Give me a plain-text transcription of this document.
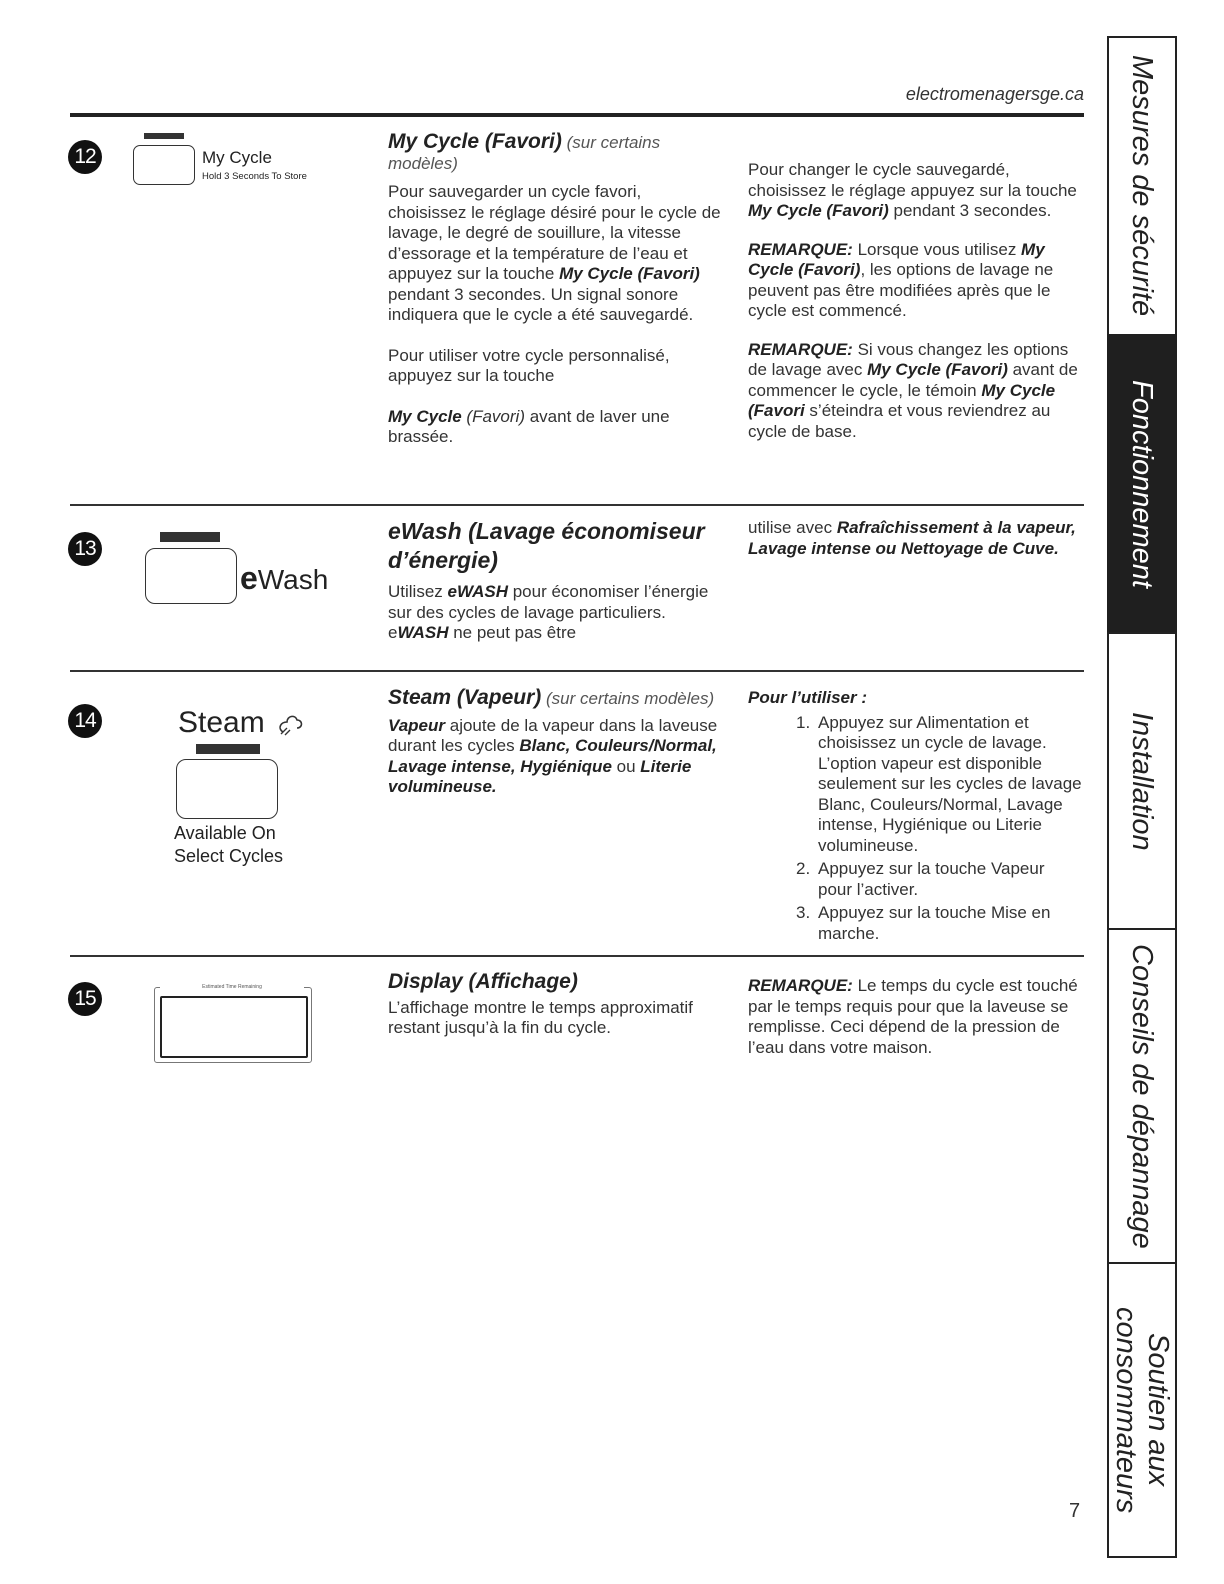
electromenagersge.ca
12	My Cycle
Hold 3 Seconds To Store

My Cycle (Favori) (sur certains modèles)

Pour sauvegarder un cycle favori, choisissez le réglage désiré pour le cycle de lavage, le degré de souillure, la vitesse d’essorage et la température de l’eau et appuyez sur la touche My Cycle (Favori) pendant 3 secondes. Un signal sonore indiquera que le cycle a été sauvegardé.

Pour utiliser votre cycle personnalisé, appuyez sur la touche

My Cycle (Favori) avant de laver une brassée.

Pour changer le cycle sauvegardé, choisissez le réglage appuyez sur la touche My Cycle (Favori) pendant 3 secondes.

REMARQUE: Lorsque vous utilisez My Cycle (Favori), les options de lavage ne peuvent pas être modifiées après que le cycle est commencé.

REMARQUE: Si vous changez les options de lavage avec My Cycle (Favori) avant de commencer le cycle, le témoin My Cycle (Favori s’éteindra et vous reviendrez au cycle de base.

13
eWash

eWash (Lavage économiseur d’énergie)

Utilisez eWASH pour économiser l’énergie sur des cycles de lavage particuliers. eWASH ne peut pas être

utilise avec Rafraîchissement à la vapeur, Lavage intense ou Nettoyage de Cuve.

14	Steam
Available On
Select Cycles

Steam (Vapeur) (sur certains modèles)

Vapeur ajoute de la vapeur dans la laveuse durant les cycles Blanc, Couleurs/Normal, Lavage intense, Hygiénique ou Literie volumineuse.

Pour l’utiliser :
1. Appuyez sur Alimentation et choisissez un cycle de lavage. L’option vapeur est disponible seulement sur les cycles de lavage Blanc, Couleurs/Normal, Lavage intense, Hygiénique ou Literie volumineuse.
2. Appuyez sur la touche Vapeur pour l’activer.
3. Appuyez sur la touche Mise en marche.
15	Estimated Time Remaining	Display (Affichage)

L’affichage montre le temps approximatif restant jusqu’à la fin du cycle.

REMARQUE: Le temps du cycle est touché par le temps requis pour que la laveuse se remplisse. Ceci dépend de la pression de l’eau dans votre maison.

Mesures de sécurité
Fonctionnement
Installation
Conseils de dépannage
Soutien aux consommateurs
7
